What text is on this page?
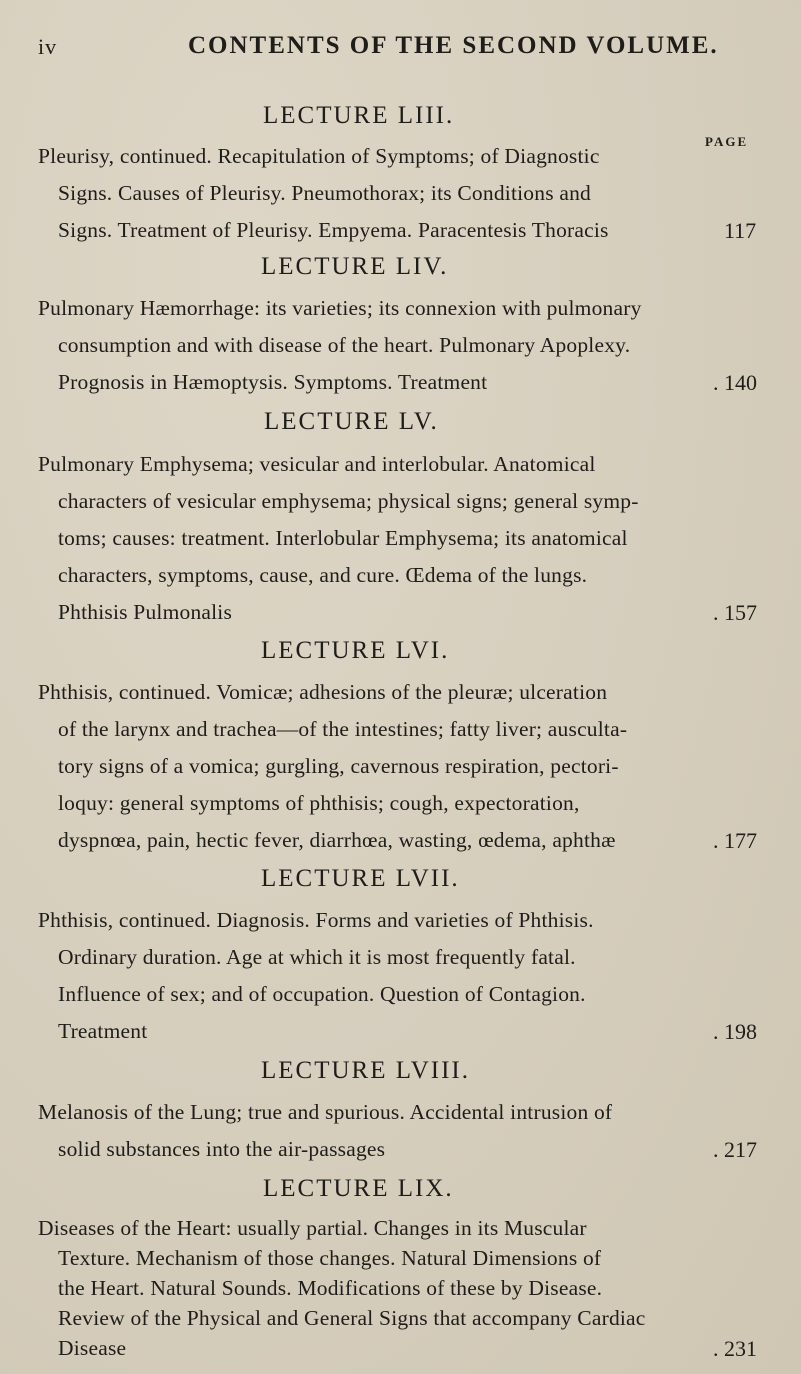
iv	CONTENTS OF THE SECOND VOLUME.
PAGE
LECTURE LIII.
Pleurisy, continued. Recapitulation of Symptoms; of Diagnostic
Signs. Causes of Pleurisy. Pneumothorax; its Conditions and
Signs. Treatment of Pleurisy. Empyema. Paracentesis Thoracis	117
LECTURE LIV.
Pulmonary Hæmorrhage: its varieties; its connexion with pulmonary
consumption and with disease of the heart. Pulmonary Apoplexy.
Prognosis in Hæmoptysis. Symptoms. Treatment	. 140
LECTURE LV.
Pulmonary Emphysema; vesicular and interlobular. Anatomical
characters of vesicular emphysema; physical signs; general symp-
toms; causes: treatment. Interlobular Emphysema; its anatomical
characters, symptoms, cause, and cure. Œdema of the lungs.
Phthisis Pulmonalis	. 157
LECTURE LVI.
Phthisis, continued. Vomicæ; adhesions of the pleuræ; ulceration
of the larynx and trachea—of the intestines; fatty liver; ausculta-
tory signs of a vomica; gurgling, cavernous respiration, pectori-
loquy: general symptoms of phthisis; cough, expectoration,
dyspnœa, pain, hectic fever, diarrhœa, wasting, œdema, aphthæ	. 177
LECTURE LVII.
Phthisis, continued. Diagnosis. Forms and varieties of Phthisis.
Ordinary duration. Age at which it is most frequently fatal.
Influence of sex; and of occupation. Question of Contagion.
Treatment	. 198
LECTURE LVIII.
Melanosis of the Lung; true and spurious. Accidental intrusion of
solid substances into the air-passages	. 217
LECTURE LIX.
Diseases of the Heart: usually partial. Changes in its Muscular
Texture. Mechanism of those changes. Natural Dimensions of
the Heart. Natural Sounds. Modifications of these by Disease.
Review of the Physical and General Signs that accompany Cardiac
Disease	. 231
